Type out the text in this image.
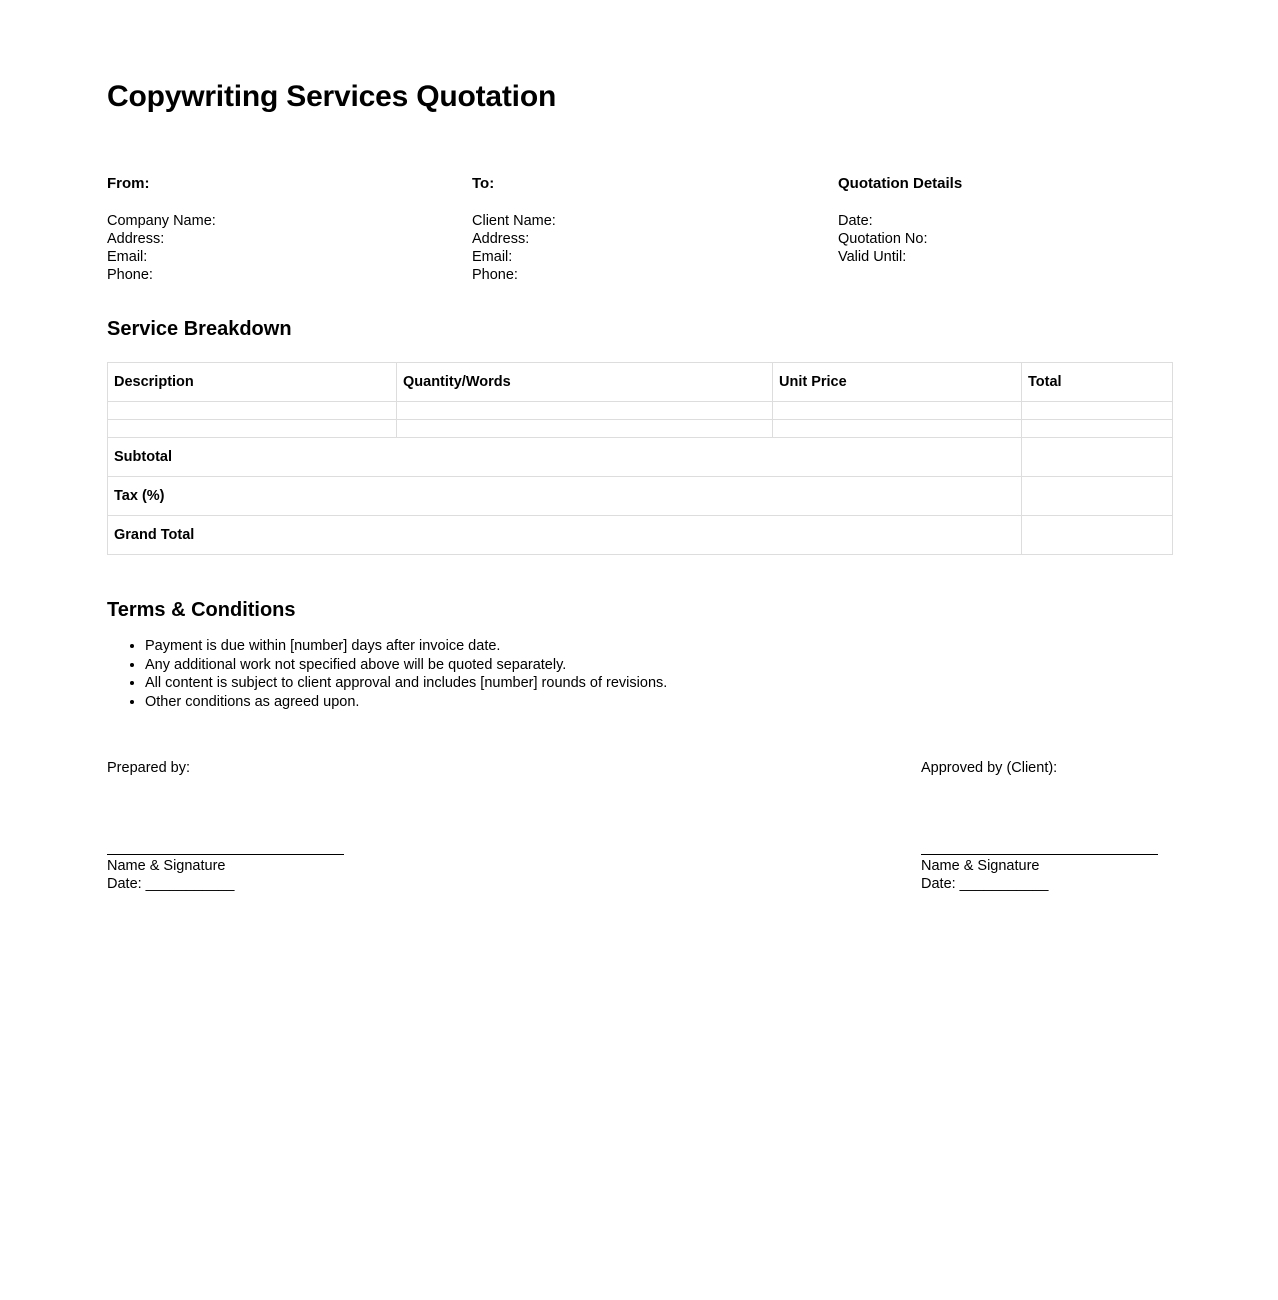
Copywriting Services Quotation
From:
Company Name:
Address:
Email:
Phone:
To:
Client Name:
Address:
Email:
Phone:
Quotation Details
Date:
Quotation No:
Valid Until:
Service Breakdown
Description	Quantity/Words	Unit Price	Total

Subtotal			
Tax (%)			
Grand Total			
Terms & Conditions
• Payment is due within [number] days after invoice date.
• Any additional work not specified above will be quoted separately.
• All content is subject to client approval and includes [number] rounds of revisions.
• Other conditions as agreed upon.

Prepared by:

Name & Signature

Date: ___________

Approved by (Client):

Name & Signature

Date: ___________
